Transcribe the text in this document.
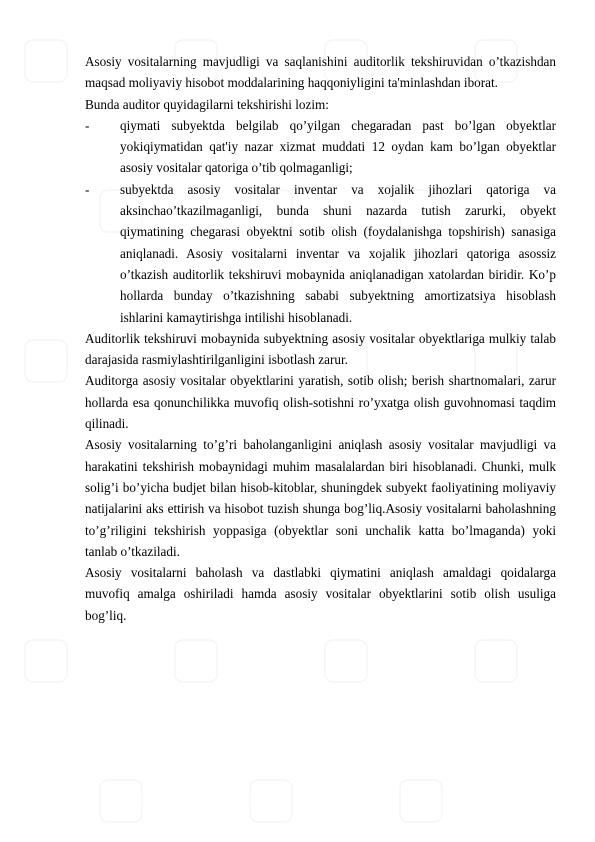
Asosiy vositalarning mavjudligi va saqlanishini auditorlik tekshiruvidan o’tkazishdan maqsad moliyaviy hisobot moddalarining haqqoniyligini ta'minlashdan iborat.

Bunda auditor quyidagilarni tekshirishi lozim:

-	qiymati subyektda belgilab qo’yilgan chegaradan past bo’lgan obyektlar yokiqiymatidan qat'iy nazar xizmat muddati 12 oydan kam bo’lgan obyektlar asosiy vositalar qatoriga o’tib qolmaganligi;
-	subyektda asosiy vositalar inventar va xojalik jihozlari qatoriga va aksinchao’tkazilmaganligi, bunda shuni nazarda tutish zarurki, obyekt qiymatining chegarasi obyektni sotib olish (foydalanishga topshirish) sanasiga aniqlanadi. Asosiy vositalarni inventar va xojalik jihozlari qatoriga asossiz o’tkazish auditorlik tekshiruvi mobaynida aniqlanadigan xatolardan biridir. Ko’p hollarda bunday o’tkazishning sababi subyektning amortizatsiya hisoblash ishlarini kamaytirishga intilishi hisoblanadi.

Auditorlik tekshiruvi mobaynida subyektning asosiy vositalar obyektlariga mulkiy talab darajasida rasmiylashtirilganligini isbotlash zarur.

Auditorga asosiy vositalar obyektlarini yaratish, sotib olish; berish shartnomalari, zarur hollarda esa qonunchilikka muvofiq olish-sotishni ro’yxatga olish guvohnomasi taqdim qilinadi.

Asosiy vositalarning to’g’ri baholanganligini aniqlash asosiy vositalar mavjudligi va harakatini tekshirish mobaynidagi muhim masalalardan biri hisoblanadi. Chunki, mulk solig’i bo’yicha budjet bilan hisob-kitoblar, shuningdek subyekt faoliyatining moliyaviy natijalarini aks ettirish va hisobot tuzish shunga bog’liq.Asosiy vositalarni baholashning to’g’riligini tekshirish yoppasiga (obyektlar soni unchalik katta bo’lmaganda) yoki tanlab o’tkaziladi.

Asosiy vositalarni baholash va dastlabki qiymatini aniqlash amaldagi qoidalarga muvofiq amalga oshiriladi hamda asosiy vositalar obyektlarini sotib olish usuliga bog’liq.
